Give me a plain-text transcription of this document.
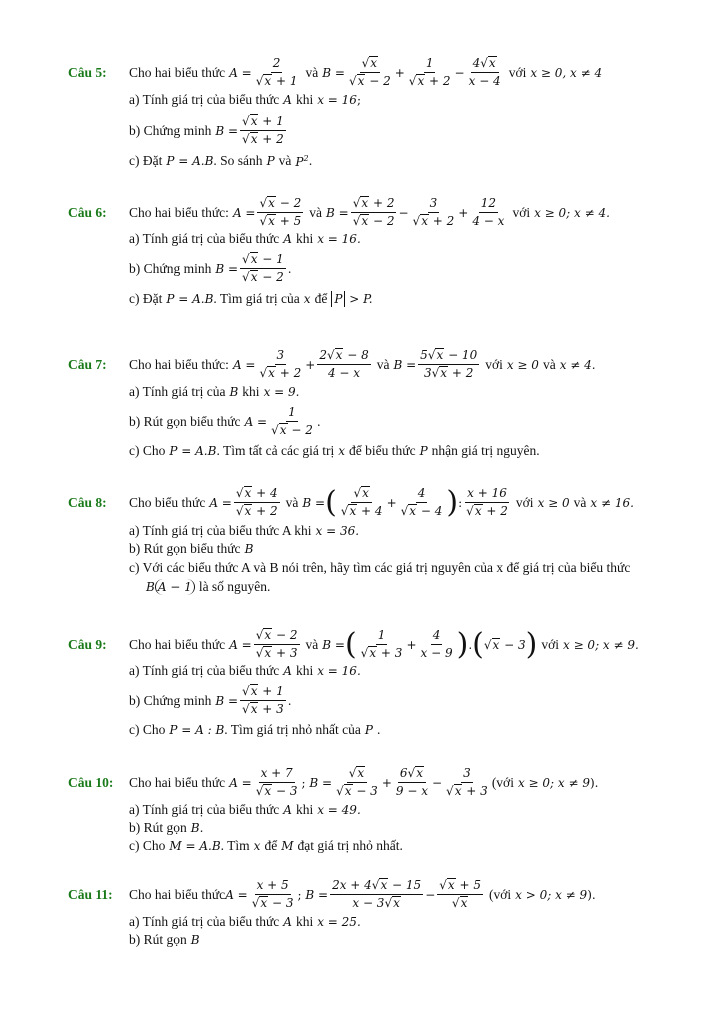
Câu 5: Cho hai biểu thức $A = \frac{2}{√x + 1}$ và $B = \frac{√x}{√x - 2} + \frac{1}{√x + 2} - \frac{4√x}{x - 4}$ với x ≥ 0, x ≠ 4
a) Tính giá trị của biểu thức A khi x = 16 ;
b) Chứng minh $B = \frac{√x + 1}{√x + 2}$
c) Đặt P = A.B . So sánh P và $P^2$ .
Câu 6: Cho hai biểu thức: $A = \frac{√x - 2}{√x + 5}$ và $B = \frac{√x + 2}{√x - 2} - \frac{3}{√x + 2} + \frac{12}{4 - x}$ với x ≥ 0; x ≠ 4.
a) Tính giá trị của biểu thức A khi x = 16.
b) Chứng minh $B = \frac{√x - 1}{√x - 2}$ .
c) Đặt P = A.B . Tìm giá trị của x để P > P.
Câu 7: Cho hai biểu thức: $A = \frac{3}{√x + 2} + \frac{2√x - 8}{4 - x}$ và $B = \frac{5√x - 10}{3√x + 2}$ với x ≥ 0 và x ≠ 4.
a) Tính giá trị của B khi x = 9.
b) Rút gọn biểu thức $A = \frac{1}{√x - 2}$ .
c) Cho P = A.B . Tìm tất cả các giá trị x để biểu thức P nhận giá trị nguyên.
Câu 8: Cho biểu thức $A = \frac{√x + 4}{√x + 2}$ và B = ( $\frac{√x}{√x + 4} + \frac{4}{√x - 4}$ ) : $\frac{x + 16}{√x + 2}$ với x ≥ 0 và x ≠ 16.
a) Tính giá trị của biểu thức A khi x = 36.
b) Rút gọn biểu thức B
c) Với các biểu thức A và B nói trên, hãy tìm các giá trị nguyên của x để giá trị của biểu thức
B A − 1 là số nguyên.
Câu 9: Cho hai biểu thức $A = \frac{√x - 2}{√x + 3}$ và B = ( $\frac{1}{√x + 3} + \frac{4}{x - 9}$ ) . ( √x − 3 ) với x ≥ 0; x ≠ 9.
a) Tính giá trị của biểu thức A khi x = 16.
b) Chứng minh $B = \frac{√x + 1}{√x + 3}$ .
c) Cho P = A : B . Tìm giá trị nhỏ nhất của P .
Câu 10: Cho hai biểu thức $A = \frac{x + 7}{√x - 3}$ ; $B = \frac{√x}{√x - 3} + \frac{6√x}{9 - x} - \frac{3}{√x + 3}$ (với x ≥ 0; x ≠ 9 ).
a) Tính giá trị của biểu thức A khi x = 49.
b) Rút gọn B.
c) Cho M = A.B . Tìm x để M đạt giá trị nhỏ nhất.
Câu 11: Cho hai biểu thức $A = \frac{x + 5}{√x - 3}$ ; $B = \frac{2x + 4√x - 15}{x - 3√x} - \frac{√x + 5}{√x}$ (với x > 0; x ≠ 9 ).
a) Tính giá trị của biểu thức A khi x = 25.
b) Rút gọn B
